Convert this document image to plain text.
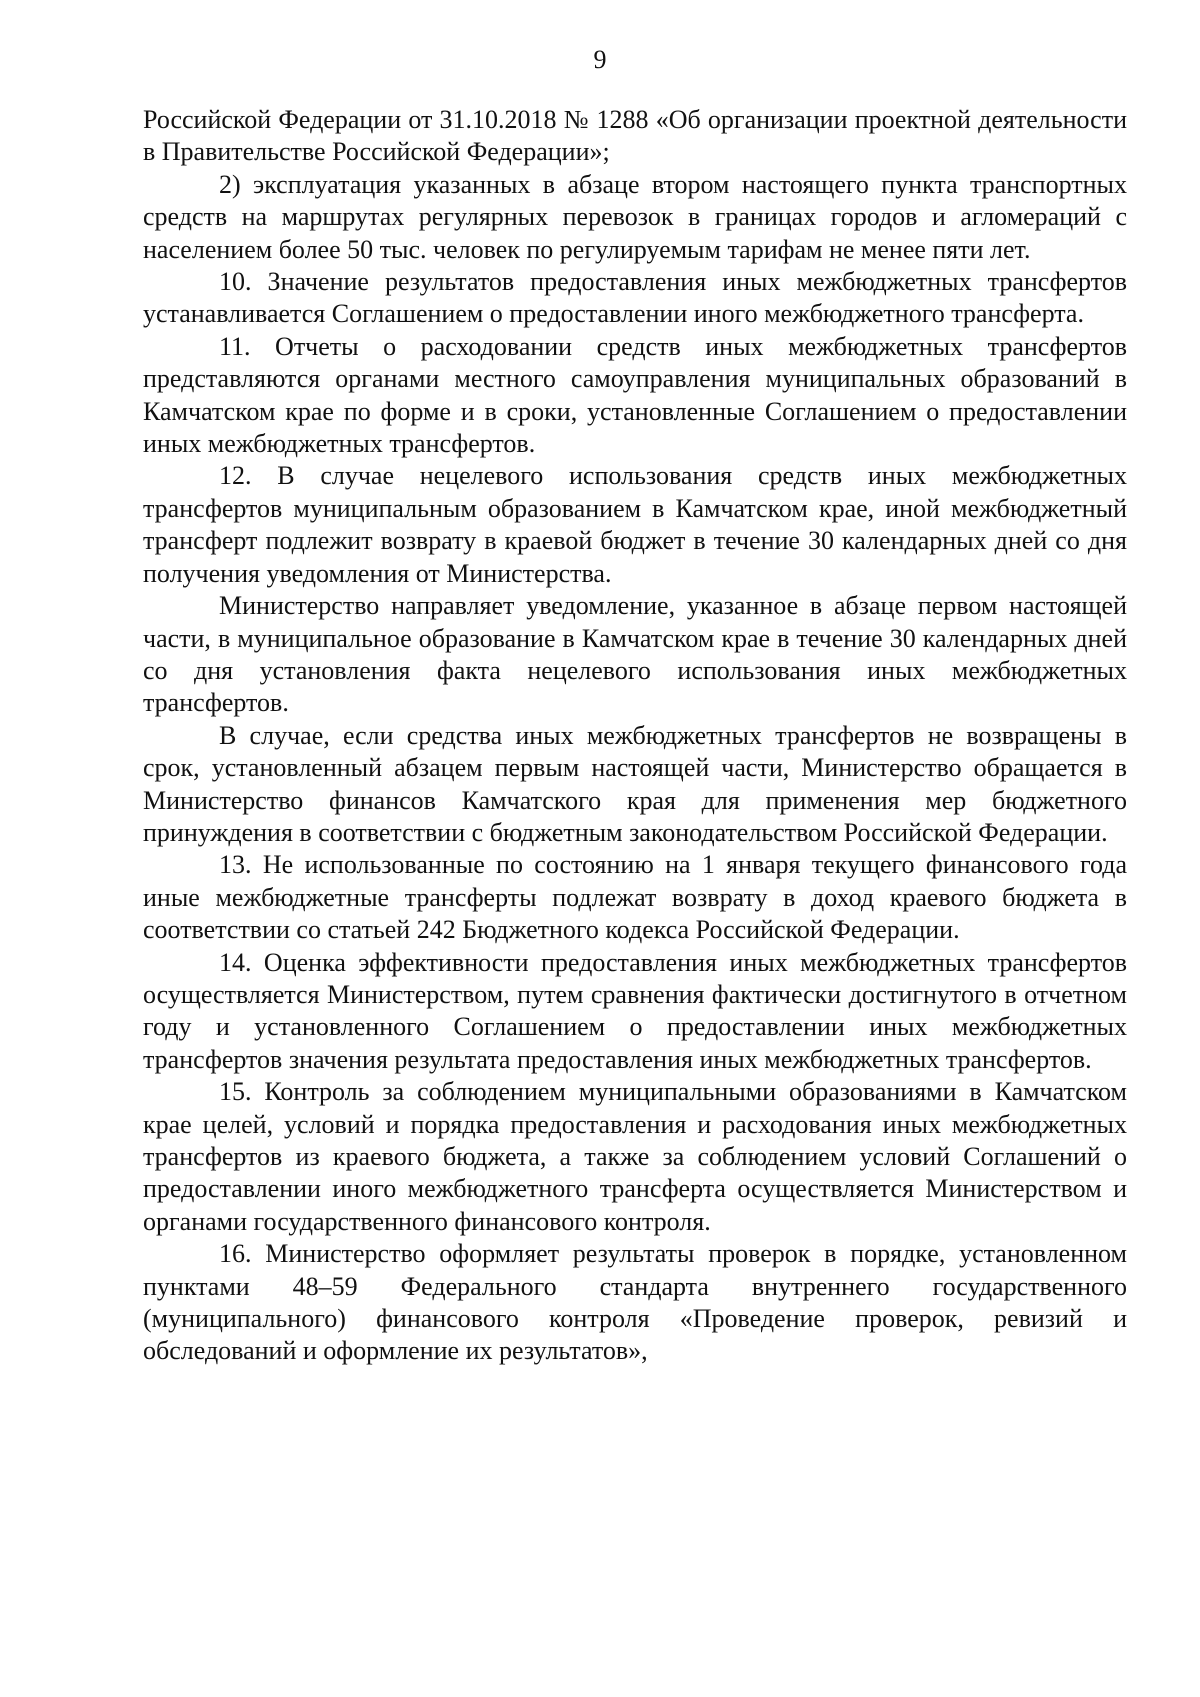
9

Российской Федерации от 31.10.2018 № 1288 «Об организации проектной деятельности в Правительстве Российской Федерации»;

2) эксплуатация указанных в абзаце втором настоящего пункта транспортных средств на маршрутах регулярных перевозок в границах городов и агломераций с населением более 50 тыс. человек по регулируемым тарифам не менее пяти лет.

10. Значение результатов предоставления иных межбюджетных трансфертов устанавливается Соглашением о предоставлении иного межбюджетного трансферта.

11. Отчеты о расходовании средств иных межбюджетных трансфертов представляются органами местного самоуправления муниципальных образований в Камчатском крае по форме и в сроки, установленные Соглашением о предоставлении иных межбюджетных трансфертов.

12. В случае нецелевого использования средств иных межбюджетных трансфертов муниципальным образованием в Камчатском крае, иной межбюджетный трансферт подлежит возврату в краевой бюджет в течение 30 календарных дней со дня получения уведомления от Министерства.

Министерство направляет уведомление, указанное в абзаце первом настоящей части, в муниципальное образование в Камчатском крае в течение 30 календарных дней со дня установления факта нецелевого использования иных межбюджетных трансфертов.

В случае, если средства иных межбюджетных трансфертов не возвращены в срок, установленный абзацем первым настоящей части, Министерство обращается в Министерство финансов Камчатского края для применения мер бюджетного принуждения в соответствии с бюджетным законодательством Российской Федерации.

13. Не использованные по состоянию на 1 января текущего финансового года иные межбюджетные трансферты подлежат возврату в доход краевого бюджета в соответствии со статьей 242 Бюджетного кодекса Российской Федерации.

14. Оценка эффективности предоставления иных межбюджетных трансфертов осуществляется Министерством, путем сравнения фактически достигнутого в отчетном году и установленного Соглашением о предоставлении иных межбюджетных трансфертов значения результата предоставления иных межбюджетных трансфертов.

15. Контроль за соблюдением муниципальными образованиями в Камчатском крае целей, условий и порядка предоставления и расходования иных межбюджетных трансфертов из краевого бюджета, а также за соблюдением условий Соглашений о предоставлении иного межбюджетного трансферта осуществляется Министерством и органами государственного финансового контроля.

16. Министерство оформляет результаты проверок в порядке, установленном пунктами 48–59 Федерального стандарта внутреннего государственного (муниципального) финансового контроля «Проведение проверок, ревизий и обследований и оформление их результатов»,
